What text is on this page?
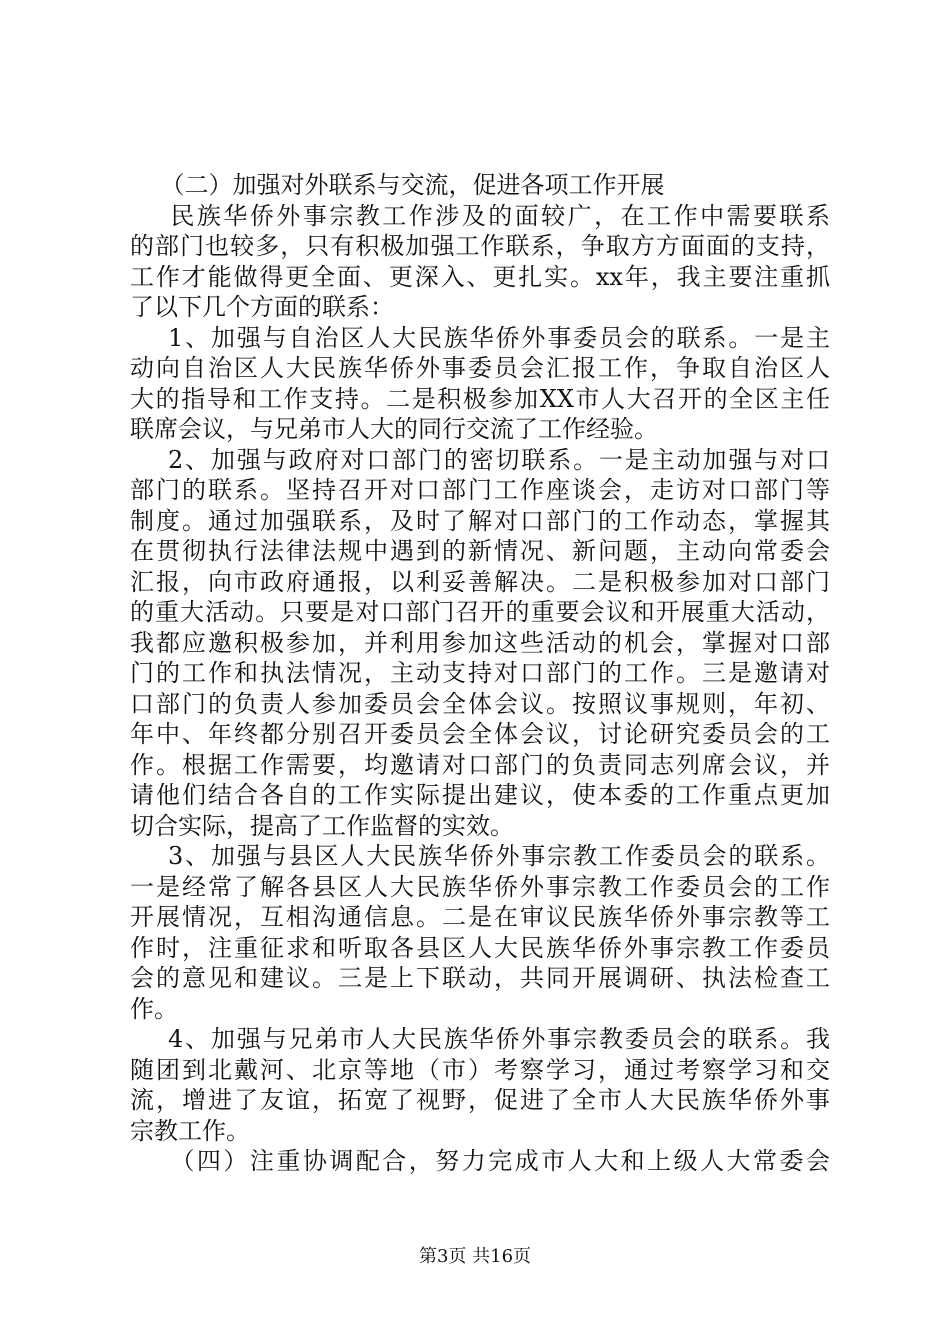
（二）加强对外联系与交流，促进各项工作开展
民族华侨外事宗教工作涉及的面较广，在工作中需要联系
的部门也较多，只有积极加强工作联系，争取方方面面的支持，
工作才能做得更全面、更深入、更扎实。xx年，我主要注重抓
了以下几个方面的联系：
1、加强与自治区人大民族华侨外事委员会的联系。一是主
动向自治区人大民族华侨外事委员会汇报工作，争取自治区人
大的指导和工作支持。二是积极参加XX市人大召开的全区主任
联席会议，与兄弟市人大的同行交流了工作经验。
2、加强与政府对口部门的密切联系。一是主动加强与对口
部门的联系。坚持召开对口部门工作座谈会，走访对口部门等
制度。通过加强联系，及时了解对口部门的工作动态，掌握其
在贯彻执行法律法规中遇到的新情况、新问题，主动向常委会
汇报，向市政府通报，以利妥善解决。二是积极参加对口部门
的重大活动。只要是对口部门召开的重要会议和开展重大活动，
我都应邀积极参加，并利用参加这些活动的机会，掌握对口部
门的工作和执法情况，主动支持对口部门的工作。三是邀请对
口部门的负责人参加委员会全体会议。按照议事规则，年初、
年中、年终都分别召开委员会全体会议，讨论研究委员会的工
作。根据工作需要，均邀请对口部门的负责同志列席会议，并
请他们结合各自的工作实际提出建议，使本委的工作重点更加
切合实际，提高了工作监督的实效。
3、加强与县区人大民族华侨外事宗教工作委员会的联系。
一是经常了解各县区人大民族华侨外事宗教工作委员会的工作
开展情况，互相沟通信息。二是在审议民族华侨外事宗教等工
作时，注重征求和听取各县区人大民族华侨外事宗教工作委员
会的意见和建议。三是上下联动，共同开展调研、执法检查工
作。
4、加强与兄弟市人大民族华侨外事宗教委员会的联系。我
随团到北戴河、北京等地（市）考察学习，通过考察学习和交
流，增进了友谊，拓宽了视野，促进了全市人大民族华侨外事
宗教工作。
（四）注重协调配合，努力完成市人大和上级人大常委会
第3页 共16页
